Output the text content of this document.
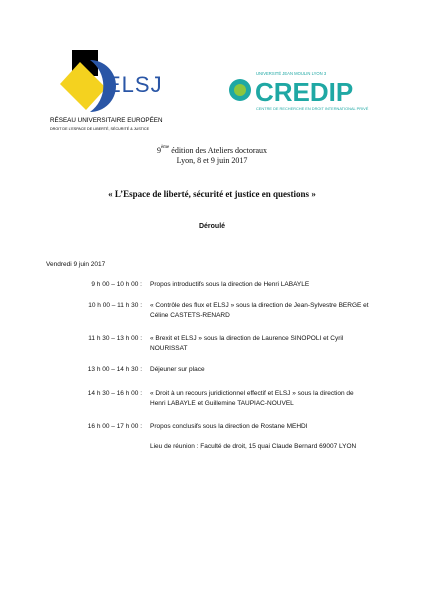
ELSJ
RÉSEAU UNIVERSITAIRE EUROPÉEN
DROIT DE L'ESPACE DE LIBERTÉ, SÉCURITÉ & JUSTICE
UNIVERSITÉ JEAN MOULIN LYON 3
CREDIP
CENTRE DE RECHERCHE EN DROIT INTERNATIONAL PRIVÉ
9ème édition des Ateliers doctoraux
Lyon, 8 et 9 juin 2017
« L’Espace de liberté, sécurité et justice en questions »
Déroulé
Vendredi 9 juin 2017
9 h 00 – 10 h 00 : Propos introductifs sous la direction de Henri LABAYLE
10 h 00 – 11 h 30 : « Contrôle des flux et ELSJ » sous la direction de Jean-Sylvestre BERGE et
Céline CASTETS-RENARD
11 h 30 – 13 h 00 : « Brexit et ELSJ » sous la direction de Laurence SINOPOLI et Cyril
NOURISSAT
13 h 00 – 14 h 30 : Déjeuner sur place
14 h 30 – 16 h 00 : « Droit à un recours juridictionnel effectif et ELSJ » sous la direction de
Henri LABAYLE et Guillemine TAUPIAC-NOUVEL
16 h 00 – 17 h 00 : Propos conclusifs sous la direction de Rostane MEHDI
Lieu de réunion : Faculté de droit, 15 quai Claude Bernard 69007 LYON
